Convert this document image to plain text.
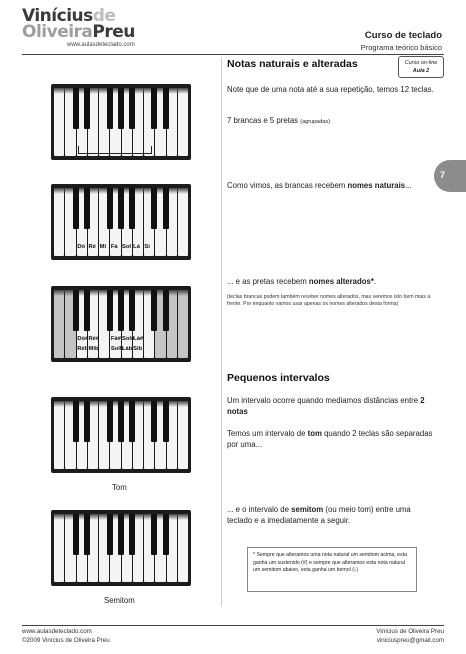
Viníciusde
OliveiraPreu
www.aulasdeteclado.com
Curso de teclado
Programa teórico básico
7
Notas naturais e alteradas	Curso on-line
Aula 2
Note que de uma nota até a sua repetição, temos 12 teclas.
7 brancas e 5 pretas (agrupadas)
Como vimos, as brancas recebem nomes naturais...
... e as pretas recebem nomes alterados*.
(teclas brancas podem também receber nomes alterados, mas veremos isto bem mais a frente. Por enquanto vamos usar apenas os nomes alterados desta forma)
Pequenos intervalos
Um intervalo ocorre quando mediamos distâncias entre 2 notas
Temos um intervalo de tom quando 2 teclas são separadas por uma...
... e o intervalo de semitom (ou meio tom) entre uma teclado e a imediatamente a seguir.
* Sempre que alteramos uma nota natural um semitom acima, esta ganha um sustenido (#) e sempre que alteramos esta nota natural um semitom abaixo, esta ganha um bemol (♭)
Dó Ré Mi Fá Sol Lá Si
Dó# Ré# Fá# Sol#
Lá#
Réb Mib Solb
Láb Sib
Tom
Semitom
www.aulasdeteclado.com
©2009 Vinícius de Oliveira Preu
Vinícius de Oliveira Preu
viniciuspreu@gmail.com
